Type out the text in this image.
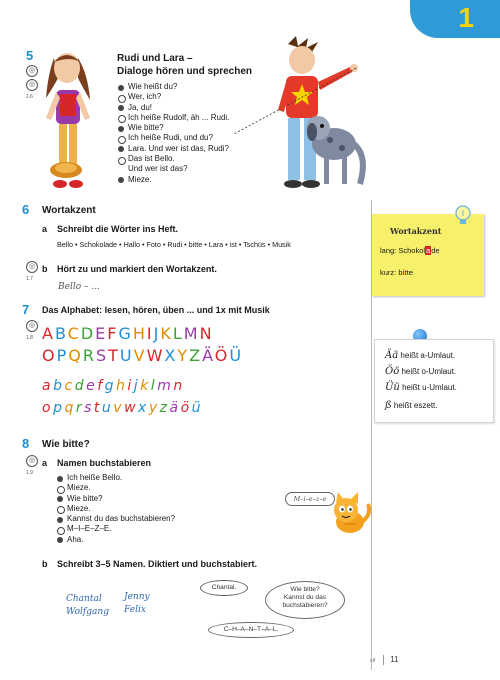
1
5
◎
◎
1.6
Rudi und Lara –
Dialoge hören und sprechen
Wie heißt du?
Wer, ich?
Ja, du!
Ich heiße Rudolf, äh ... Rudi.
Wie bitte?
Ich heiße Rudi, und du?
Lara. Und wer ist das, Rudi?
Das ist Bello.
Und wer ist das?
Mieze.
6 Wortakzent
a Schreibt die Wörter ins Heft.
Bello • Schokolade • Hallo • Foto • Rudi • bitte • Lara • ist • Tschüs • Musik
◎
1.7
b Hört zu und markiert den Wortakzent.
Bello – ...
Wortakzent
lang: Schokolade
kurz: bitte
7 Das Alphabet: lesen, hören, üben ... und 1x mit Musik
◎
1.8 ABCDEFGHIJKLMN
OPQRSTUVWXYZÄÖÜ
abcdefghijklmn
opqrstuvwxyzäöü
Ää heißt a-Umlaut.
Öö heißt o-Umlaut.
Üü heißt u-Umlaut.
ß heißt eszett.
8 Wie bitte?
◎
1.9
a Namen buchstabieren
Ich heiße Bello.
Mieze.
Wie bitte?
Mieze.
Kannst du das buchstabieren?
M–I–E–Z–E.
Aha.
M–i–e–z–e
b Schreibt 3–5 Namen. Diktiert und buchstabiert.
Chantal Jenny
Wolfgang Felix
Chantal.	Wie bitte?
Kannst du das
buchstabieren?
C–H–A–N–T–A–L.
elf 11
